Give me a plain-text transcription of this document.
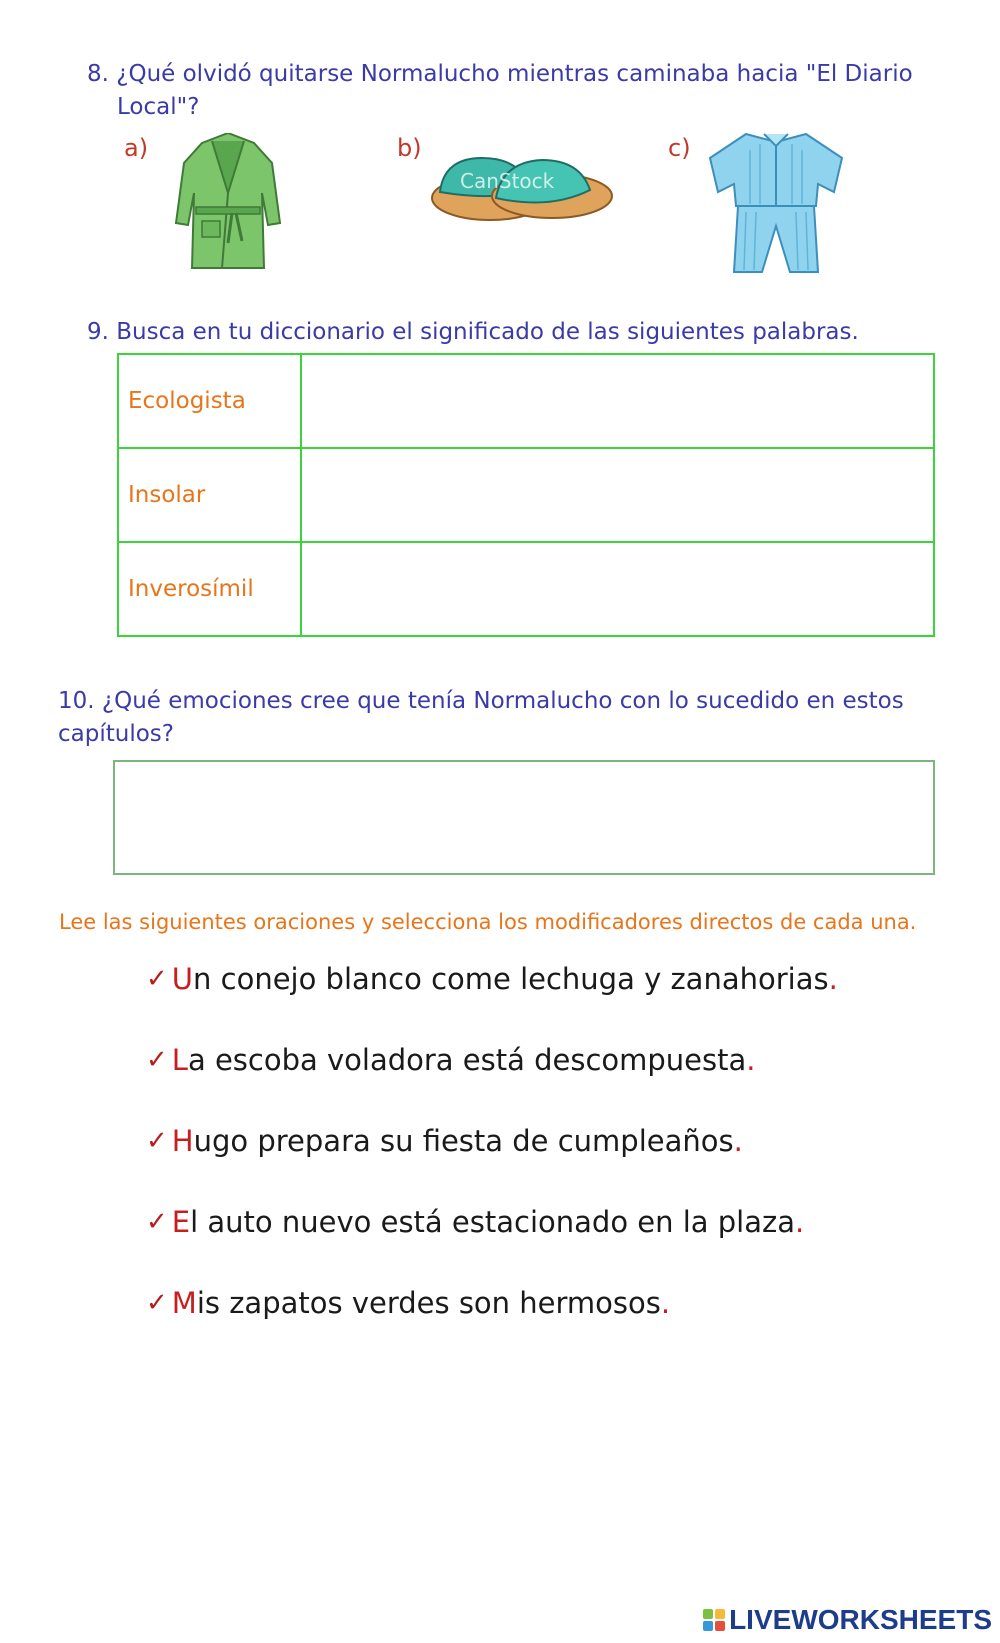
8. ¿Qué olvidó quitarse Normalucho mientras caminaba hacia "El Diario
Local"?
a)	b)	c)
CanStock
9. Busca en tu diccionario el significado de las siguientes palabras.
Ecologista	
Insolar	
Inverosímil	
10. ¿Qué emociones cree que tenía Normalucho con lo sucedido en estos
capítulos?
Lee las siguientes oraciones y selecciona los modificadores directos de cada una.
✓ U n conejo blanco come lechuga y zanahorias .
✓ L a escoba voladora está descompuesta .
✓ H ugo prepara su fiesta de cumpleaños .
✓ E l auto nuevo está estacionado en la plaza .
✓ M is zapatos verdes son hermosos .
LIVEWORKSHEETS
